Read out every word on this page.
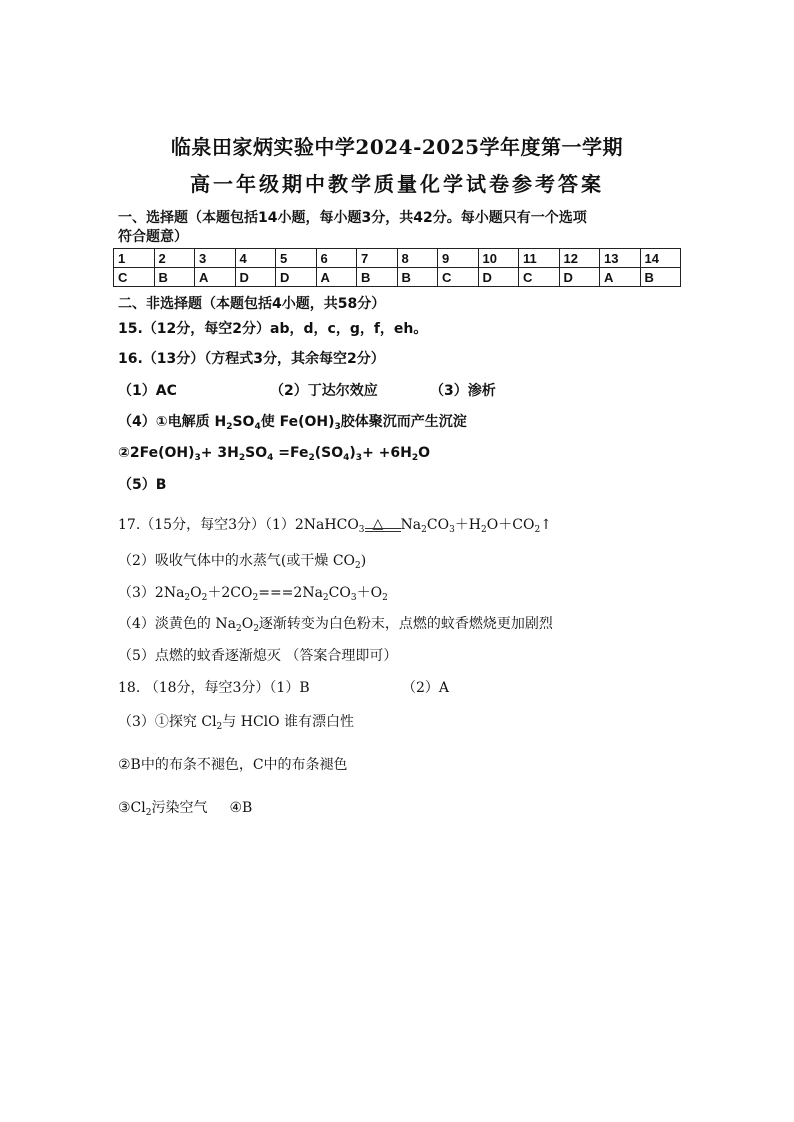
临泉田家炳实验中学2024-2025学年度第一学期
高一年级期中教学质量化学试卷参考答案
一、选择题（本题包括14小题，每小题3分，共42分。每小题只有一个选项
符合题意）
1	2	3	4	5	6	7	8	9	10	11	12	13	14
C	B	A	D	D	A	B	B	C	D	C	D	A	B
二、非选择题（本题包括4小题，共58分）
15.（12分，每空2分）ab，d，c，g，f，eh。
16.（13分）（方程式3分，其余每空2分）
（1）AC	（2）丁达尔效应	（3）渗析
（4）①电解质 $H_2SO_4$使 $Fe(OH)_3$胶体聚沉而产生沉淀
$②2Fe(OH)_3+ 3H_2SO_4 =Fe_2(SO_4)_3+ +6H_2O$
（5）B
17.（15分，每空3分）（1）2NaHCO$_3$ △ $Na_2CO_3+H_2O+CO_2↑$
（2）吸收气体中的水蒸气(或干燥 $CO_2$)
$(3)2Na_2O_2+2CO_2===2Na_2CO_3+O_2$
（4）淡黄色的 $Na_2O_2$逐渐转变为白色粉末，点燃的蚊香燃烧更加剧烈
（5）点燃的蚊香逐渐熄灭 （答案合理即可）
18. （18分，每空3分）（1）B	（2）A
（3）①探究 $Cl_2$与 HClO 谁有漂白性
②B中的布条不褪色，C中的布条褪色
$③Cl_2$污染空气 ④B
